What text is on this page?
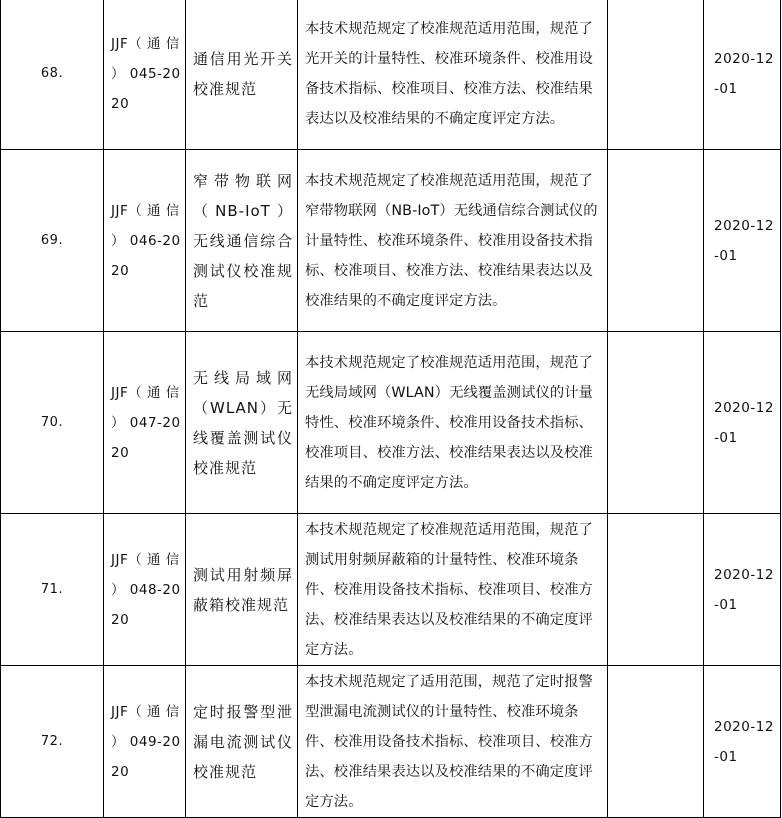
68.	JJF（ 通 信 ） 045-2020	通信用光开关校准规范	本技术规范规定了校准规范适用范围，规范了光开关的计量特性、校准环境条件、校准用设备技术指标、校准项目、校准方法、校准结果表达以及校准结果的不确定度评定方法。		2020-12-01

69.	JJF（ 通 信 ） 046-2020	窄带物联网（NB-IoT）无线通信综合测试仪校准规范	本技术规范规定了校准规范适用范围，规范了窄带物联网（NB-IoT）无线通信综合测试仪的计量特性、校准环境条件、校准用设备技术指标、校准项目、校准方法、校准结果表达以及校准结果的不确定度评定方法。		2020-12-01

70.	JJF（ 通 信 ） 047-2020	无线局域网（WLAN）无线覆盖测试仪校准规范	本技术规范规定了校准规范适用范围，规范了无线局域网（WLAN）无线覆盖测试仪的计量特性、校准环境条件、校准用设备技术指标、校准项目、校准方法、校准结果表达以及校准结果的不确定度评定方法。		2020-12-01

71.	JJF（ 通 信 ） 048-2020	测试用射频屏蔽箱校准规范	本技术规范规定了校准规范适用范围，规范了测试用射频屏蔽箱的计量特性、校准环境条件、校准用设备技术指标、校准项目、校准方法、校准结果表达以及校准结果的不确定度评定方法。		2020-12-01

72.	JJF（ 通 信 ） 049-2020	定时报警型泄漏电流测试仪校准规范	本技术规范规定了适用范围，规范了定时报警型泄漏电流测试仪的计量特性、校准环境条件、校准用设备技术指标、校准项目、校准方法、校准结果表达以及校准结果的不确定度评定方法。		2020-12-01
